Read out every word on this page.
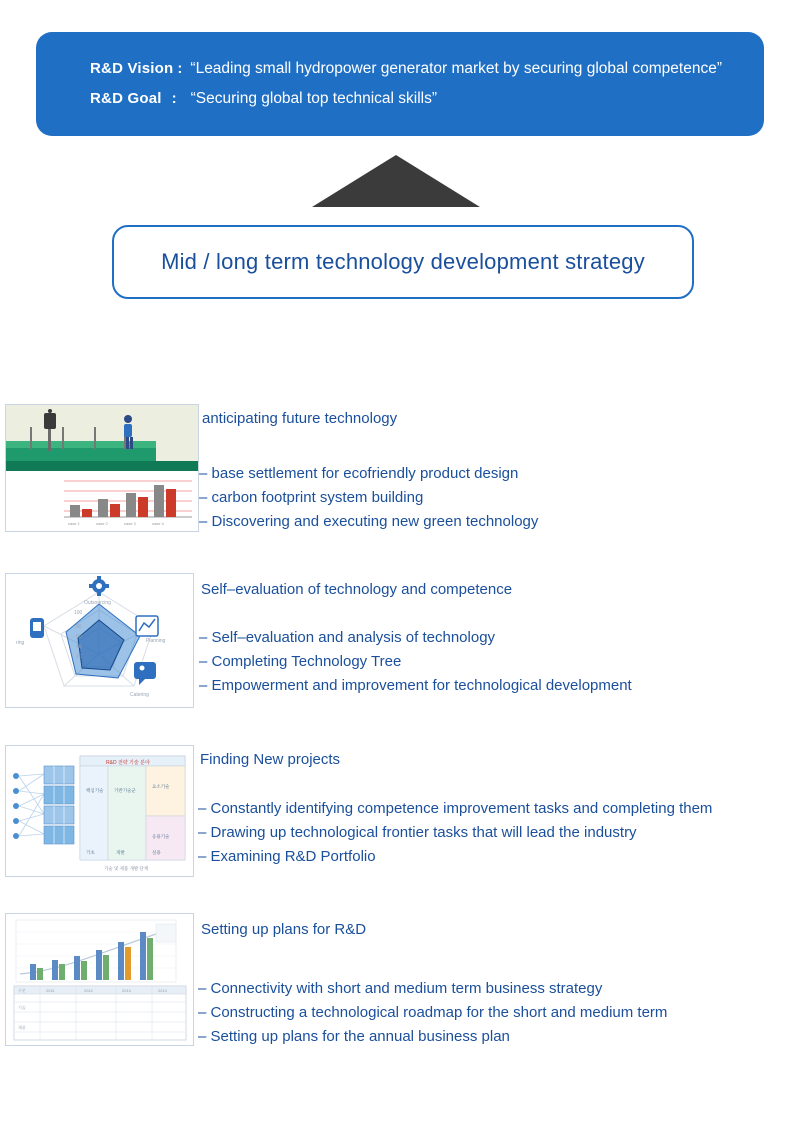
R&D Vision : “Leading small hydropower generator market by securing global competence”
R&D Goal : “Securing global top technical skills”
Mid / long term technology development strategy
case 1	case 2	case 3	case 4
anticipating future technology
– base settlement for ecofriendly product design
– carbon footprint system building
– Discovering and executing new green technology
100
80
60
40
20
Outsourcing
Planning
Catering
ring
Self–evaluation of technology and competence
– Self–evaluation and analysis of technology
– Completing Technology Tree
– Empowerment and improvement for technological development
R&D 전략 기술 분야
핵심기술 기반기술군
요소기술
응용기술
기초	개발	실용
기술 및 제품 개발 단계
Finding New projects
– Constantly identifying competence improvement tasks and completing them
– Drawing up technological frontier tasks that will lead the industry
– Examining R&D Portfolio
구분	2011	2012	2013	2014
기술
제품
Setting up plans for R&D
– Connectivity with short and medium term business strategy
– Constructing a technological roadmap for the short and medium term
– Setting up plans for the annual business plan
